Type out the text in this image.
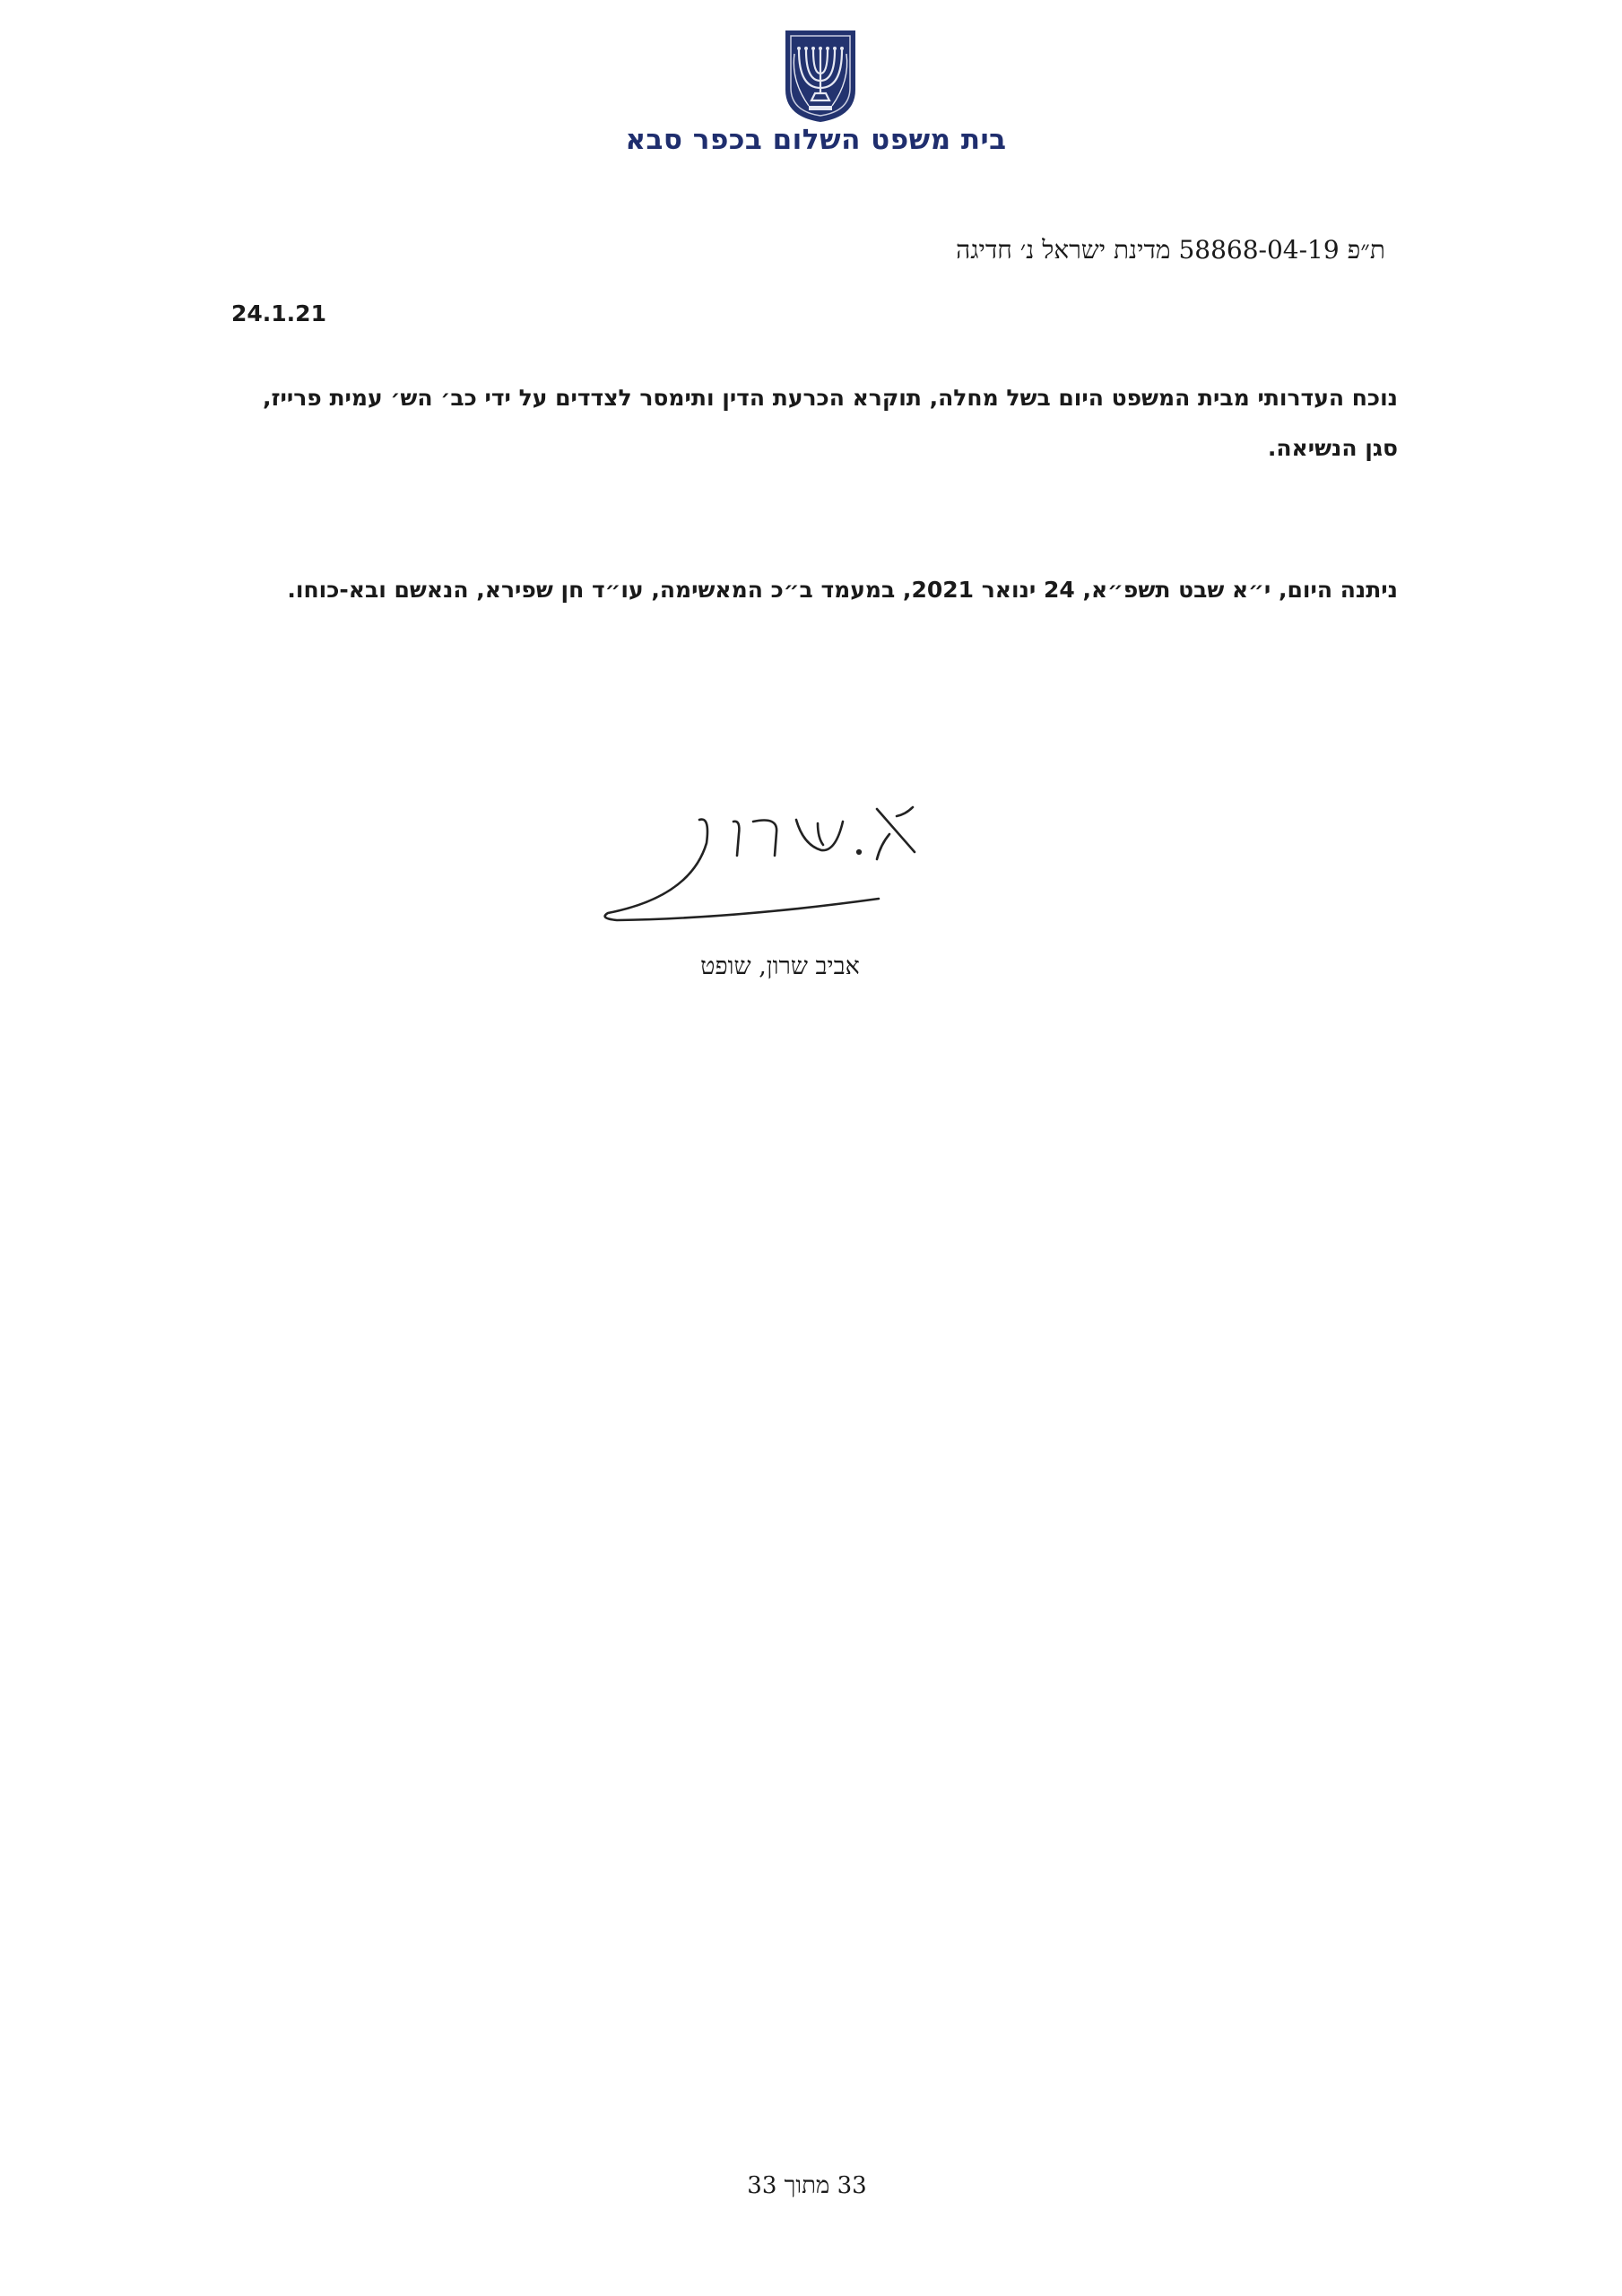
בית משפט השלום בכפר סבא
ת״פ 58868-04-19 מדינת ישראל נ׳ חדיגה
24.1.21
נוכח העדרותי מבית המשפט היום בשל מחלה, תוקרא הכרעת הדין ותימסר לצדדים על ידי כב׳ הש׳ עמית פרייז, סגן הנשיאה.
ניתנה היום, י״א שבט תשפ״א, 24 ינואר 2021, במעמד ב״כ המאשימה, עו״ד חן שפירא, הנאשם ובא-כוחו.
אביב שרון, שופט
33 מתוך 33
